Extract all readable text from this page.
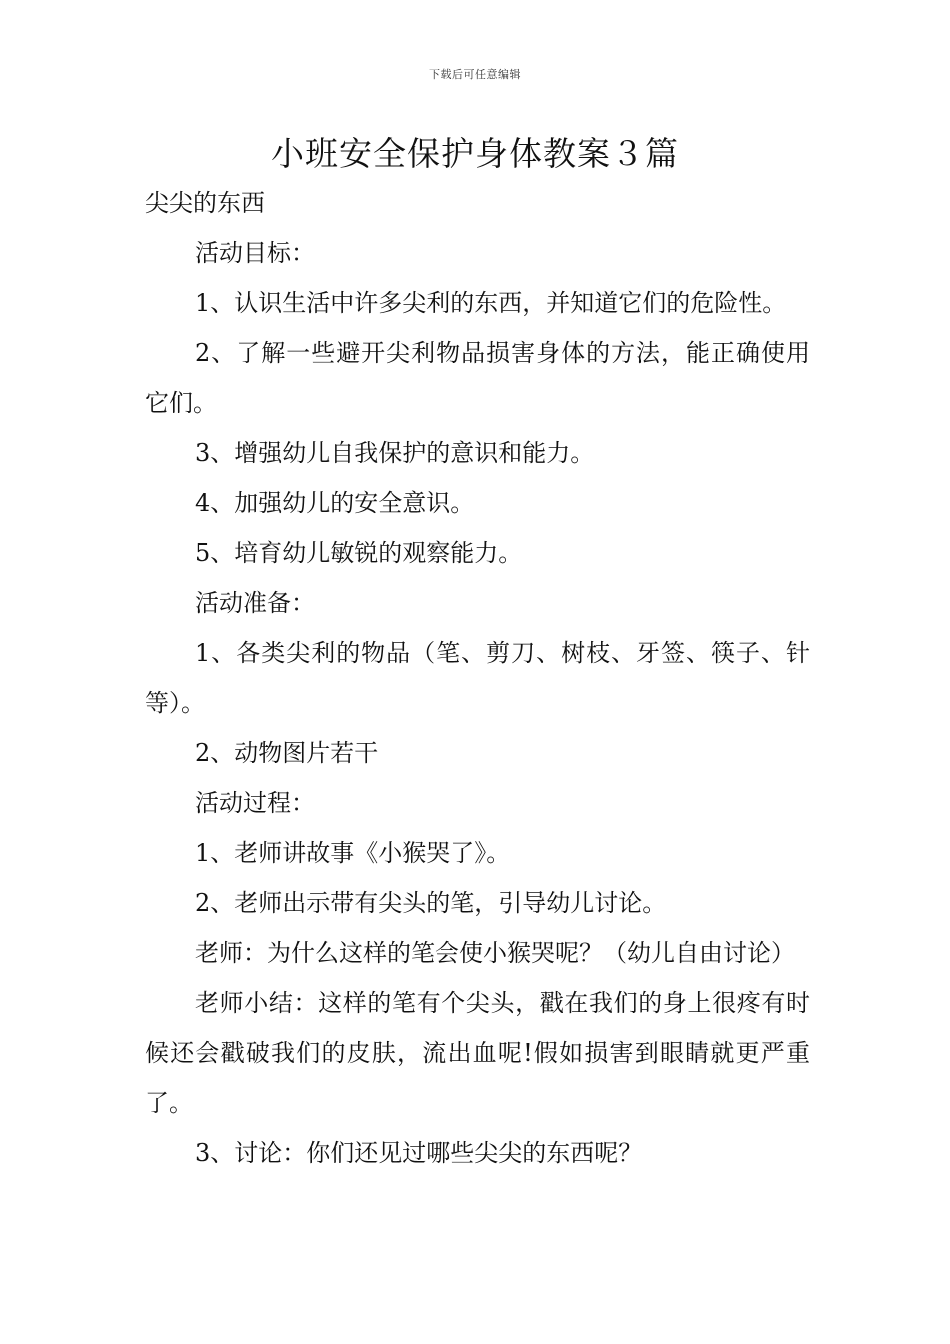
下载后可任意编辑
小班安全保护身体教案３篇

尖尖的东西

活动目标：

1、认识生活中许多尖利的东西，并知道它们的危险性。

2、了解一些避开尖利物品损害身体的方法，能正确使用它们。

3、增强幼儿自我保护的意识和能力。

4、加强幼儿的安全意识。

5、培育幼儿敏锐的观察能力。

活动准备：

1、各类尖利的物品（笔、剪刀、树枝、牙签、筷子、针等）。

2、动物图片若干

活动过程：

1、老师讲故事《小猴哭了》。

2、老师出示带有尖头的笔，引导幼儿讨论。

老师：为什么这样的笔会使小猴哭呢？（幼儿自由讨论）

老师小结：这样的笔有个尖头，戳在我们的身上很疼有时候还会戳破我们的皮肤，流出血呢!假如损害到眼睛就更严重了。

3、讨论：你们还见过哪些尖尖的东西呢？
